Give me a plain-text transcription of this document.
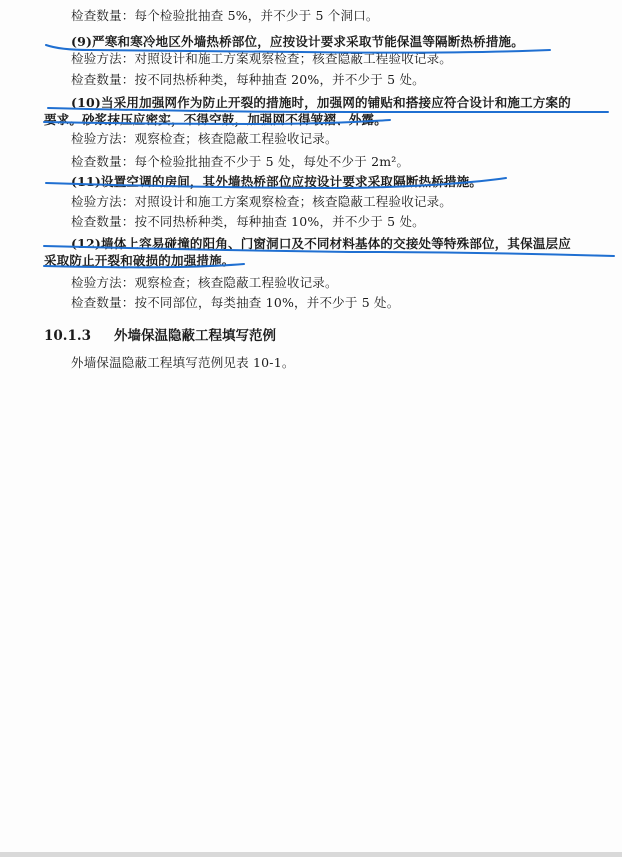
检查数量：每个检验批抽查 5%，并不少于 5 个洞口。
(9)严寒和寒冷地区外墙热桥部位，应按设计要求采取节能保温等隔断热桥措施。
检验方法：对照设计和施工方案观察检查；核查隐蔽工程验收记录。
检查数量：按不同热桥种类，每种抽查 20%，并不少于 5 处。
(10)当采用加强网作为防止开裂的措施时，加强网的铺贴和搭接应符合设计和施工方案的
要求。砂浆抹压应密实，不得空鼓，加强网不得皱褶、外露。
检验方法：观察检查；核查隐蔽工程验收记录。
检查数量：每个检验批抽查不少于 5 处，每处不少于 2m²。
(11)设置空调的房间，其外墙热桥部位应按设计要求采取隔断热桥措施。
检验方法：对照设计和施工方案观察检查；核查隐蔽工程验收记录。
检查数量：按不同热桥种类，每种抽查 10%，并不少于 5 处。
(12)墙体上容易碰撞的阳角、门窗洞口及不同材料基体的交接处等特殊部位，其保温层应
采取防止开裂和破损的加强措施。
检验方法：观察检查；核查隐蔽工程验收记录。
检查数量：按不同部位，每类抽查 10%，并不少于 5 处。
10.1.3 外墙保温隐蔽工程填写范例
外墙保温隐蔽工程填写范例见表 10-1。
